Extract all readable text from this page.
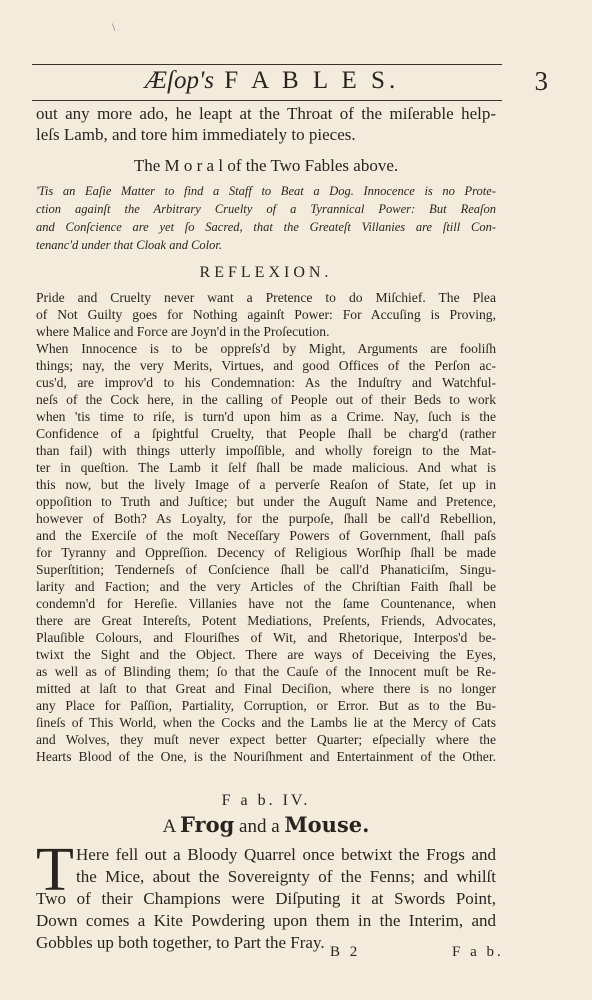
\
Æſop's F A B L E S.	3
out any more ado, he leapt at the Throat of the miſerable help-
leſs Lamb, and tore him immediately to pieces.
The M o r a l of the Two Fables above.
'Tis an Eaſie Matter to find a Staff to Beat a Dog. Innocence is no Prote-
ction againſt the Arbitrary Cruelty of a Tyrannical Power: But Reaſon
and Conſcience are yet ſo Sacred, that the Greateſt Villanies are ſtill Con-
tenanc'd under that Cloak and Color.
REFLEXION.
Pride and Cruelty never want a Pretence to do Miſchief. The Plea
of Not Guilty goes for Nothing againſt Power: For Accuſing is Proving,
where Malice and Force are Joyn'd in the Proſecution.
When Innocence is to be oppreſs'd by Might, Arguments are fooliſh
things; nay, the very Merits, Virtues, and good Offices of the Perſon ac-
cus'd, are improv'd to his Condemnation: As the Induſtry and Watchful-
neſs of the Cock here, in the calling of People out of their Beds to work
when 'tis time to riſe, is turn'd upon him as a Crime. Nay, ſuch is the
Confidence of a ſpightful Cruelty, that People ſhall be charg'd (rather
than fail) with things utterly impoſſible, and wholly foreign to the Mat-
ter in queſtion. The Lamb it ſelf ſhall be made malicious. And what is
this now, but the lively Image of a perverſe Reaſon of State, ſet up in
oppoſition to Truth and Juſtice; but under the Auguſt Name and Pretence,
however of Both? As Loyalty, for the purpoſe, ſhall be call'd Rebellion,
and the Exerciſe of the moſt Neceſſary Powers of Government, ſhall paſs
for Tyranny and Oppreſſion. Decency of Religious Worſhip ſhall be made
Superſtition; Tenderneſs of Conſcience ſhall be call'd Phanaticiſm, Singu-
larity and Faction; and the very Articles of the Chriſtian Faith ſhall be
condemn'd for Hereſie. Villanies have not the ſame Countenance, when
there are Great Intereſts, Potent Mediations, Preſents, Friends, Advocates,
Plauſible Colours, and Flouriſhes of Wit, and Rhetorique, Interpos'd be-
twixt the Sight and the Object. There are ways of Deceiving the Eyes,
as well as of Blinding them; ſo that the Cauſe of the Innocent muſt be Re-
mitted at laſt to that Great and Final Deciſion, where there is no longer
any Place for Paſſion, Partiality, Corruption, or Error. But as to the Bu-
ſineſs of This World, when the Cocks and the Lambs lie at the Mercy of Cats
and Wolves, they muſt never expect better Quarter; eſpecially where the
Hearts Blood of the One, is the Nouriſhment and Entertainment of the Other.
F a b. IV.
A Frog and a Mouse.
T Here fell out a Bloody Quarrel once betwixt the Frogs and
the Mice, about the Sovereignty of the Fenns; and whilſt
Two of their Champions were Diſputing it at Swords Point,
Down comes a Kite Powdering upon them in the Interim, and
Gobbles up both together, to Part the Fray. B 2	F a b.
